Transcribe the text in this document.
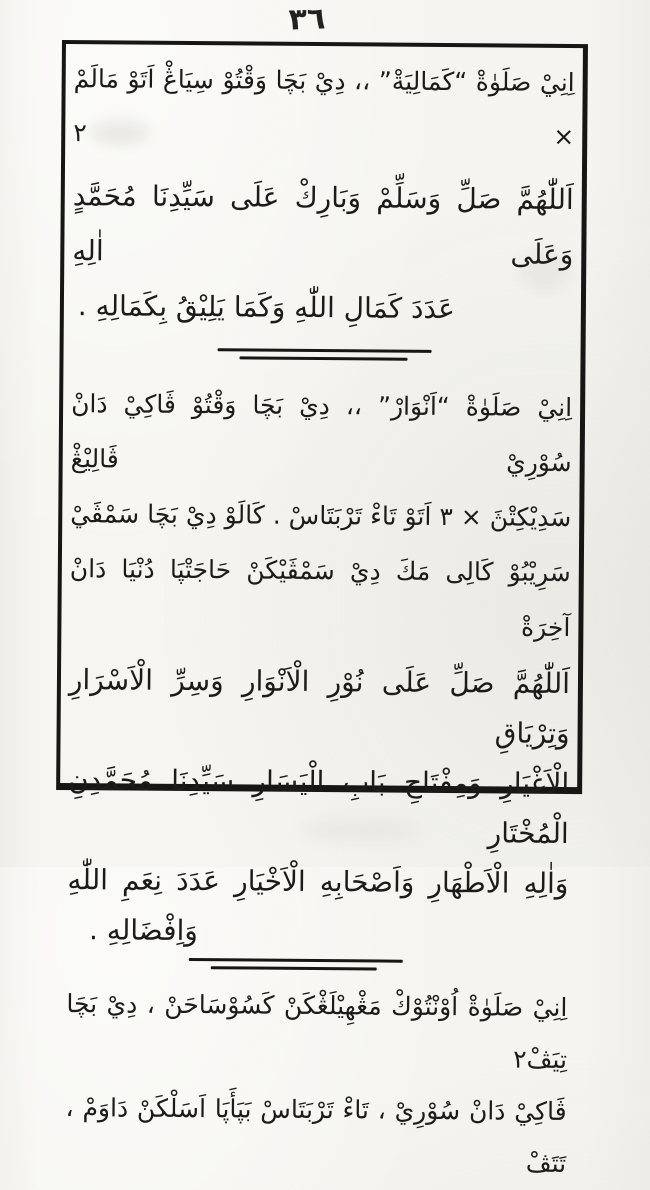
٣٦
اِنِيْ صَلَوٰةْ “كَمَالِيَةْ” ،، دِيْ بَچَا وَقْتُوْ سِيَاڠْ اَتَوْ مَالَمْ × ٢
اَللّٰهُمَّ صَلِّ وَسَلِّمْ وَبَارِكْ عَلَى سَيِّدِنَا مُحَمَّدٍ وَعَلَى اٰلِهِ
عَدَدَ كَمَالِ اللّٰهِ وَكَمَا يَلِيْقُ بِكَمَالِهِ .
اِنِيْ صَلَوٰةْ “اَنْوَارْ” ،، دِيْ بَچَا وَقْتُوْ ڤَاكِيْ دَانْ سُوْرِيْ ڤَالِيْڠْ
سَدِيْكِتْڽَ × ٣ اَتَوْ تَاءْ تَرْبَتَاسْ . كَالَوْ دِيْ بَچَا سَمْڤَيْ
سَرِيْبُوْ كَالِى مَكَ دِيْ سَمْڤَيْكَنْ حَاجَتْڽَا دُنْيَا دَانْ آخِرَةْ
اَللّٰهُمَّ صَلِّ عَلَى نُوْرِ الْاَنْوَارِ وَسِرِّ الْاَسْرَارِ وَتِرْيَاقِ
الْاَغْيَارِ وَمِفْتَاحِ بَابِ الْيَسَارِ سَيِّدِنَا مُحَمَّدِنِ الْمُخْتَارِ
وَاٰلِهِ الْاَطْهَارِ وَاَصْحَابِهِ الْاَخْيَارِ عَدَدَ نِعَمِ اللّٰهِ
وَاِفْضَالِهِ .
اِنِيْ صَلَوٰةْ اُوْنْتُوْكْ مَڠْهِيْلَڠْكَنْ كَسُوْسَاحَنْ ، دِيْ بَچَا تِيَڤْ٢
ڤَاكِيْ دَانْ سُوْرِيْ ، تَاءْ تَرْبَتَاسْ بَڽَأَڽَا اَسَلْكَنْ دَاوَمْ ، تَتَڤْ
